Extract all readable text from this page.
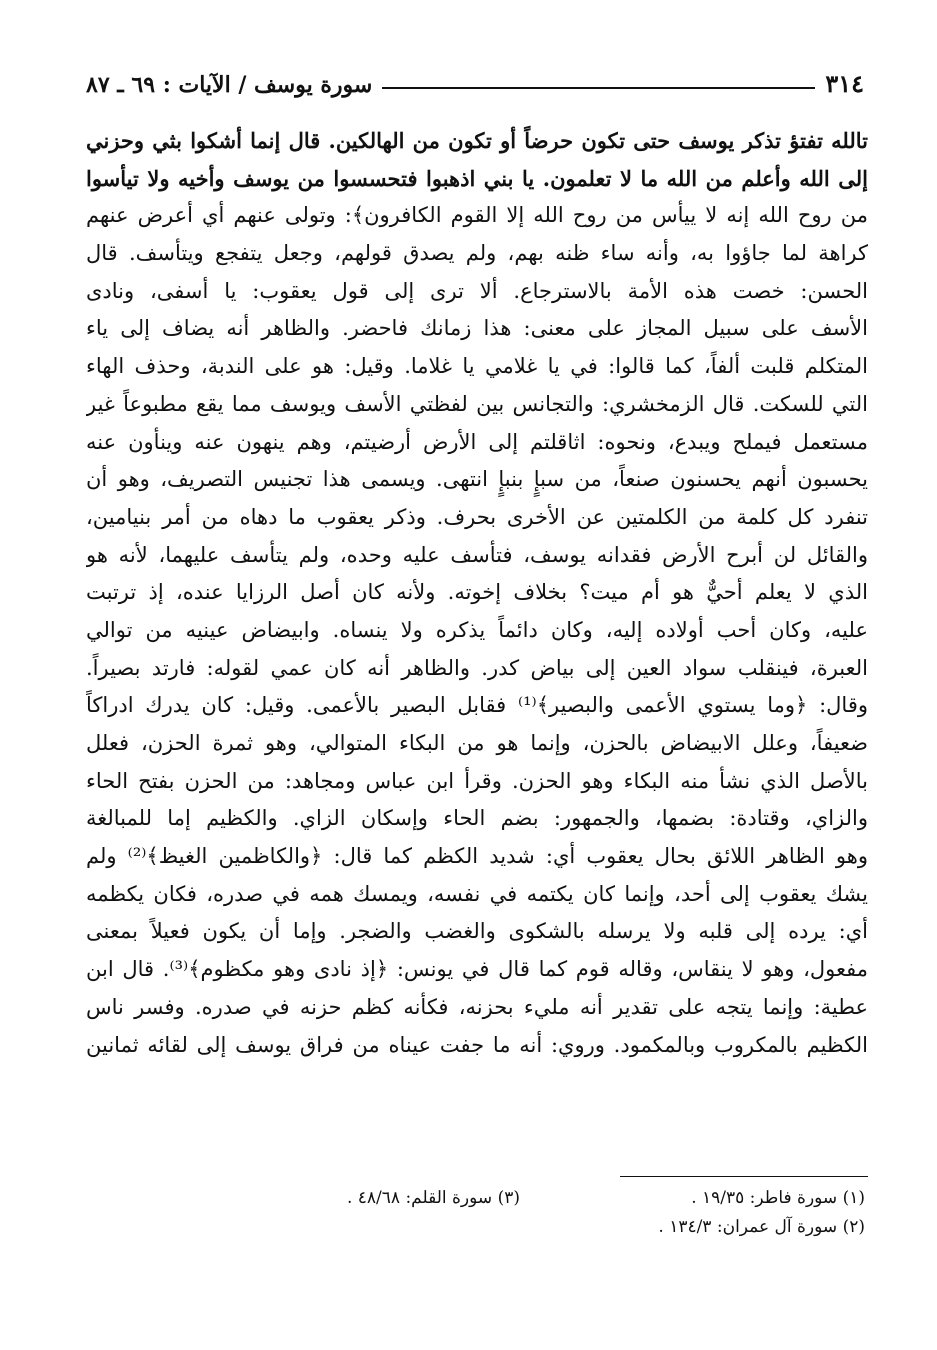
٣١٤
سورة يوسف / الآيات : ٦٩ ـ ٨٧
تالله تفتؤ تذكر يوسف حتى تكون حرضاً أو تكون من الهالكين. قال إنما أشكوا بثي وحزني
إلى الله وأعلم من الله ما لا تعلمون. يا بني اذهبوا فتحسسوا من يوسف وأخيه ولا تيأسوا
من روح الله إنه لا ييأس من روح الله إلا القوم الكافرون﴾: وتولى عنهم أي أعرض عنهم
كراهة لما جاؤوا به، وأنه ساء ظنه بهم، ولم يصدق قولهم، وجعل يتفجع ويتأسف. قال
الحسن: خصت هذه الأمة بالاسترجاع. ألا ترى إلى قول يعقوب: يا أسفى، ونادى
الأسف على سبيل المجاز على معنى: هذا زمانك فاحضر. والظاهر أنه يضاف إلى ياء
المتكلم قلبت ألفاً، كما قالوا: في يا غلامي يا غلاما. وقيل: هو على الندبة، وحذف الهاء
التي للسكت. قال الزمخشري: والتجانس بين لفظتي الأسف ويوسف مما يقع مطبوعاً غير
مستعمل فيملح ويبدع، ونحوه: اثاقلتم إلى الأرض أرضيتم، وهم ينهون عنه وينأون عنه
يحسبون أنهم يحسنون صنعاً، من سبإٍ بنبإٍ انتهى. ويسمى هذا تجنيس التصريف، وهو أن
تنفرد كل كلمة من الكلمتين عن الأخرى بحرف. وذكر يعقوب ما دهاه من أمر بنيامين،
والقائل لن أبرح الأرض فقدانه يوسف، فتأسف عليه وحده، ولم يتأسف عليهما، لأنه هو
الذي لا يعلم أحيٌّ هو أم ميت؟ بخلاف إخوته. ولأنه كان أصل الرزايا عنده، إذ ترتبت
عليه، وكان أحب أولاده إليه، وكان دائماً يذكره ولا ينساه. وابيضاض عينيه من توالي
العبرة، فينقلب سواد العين إلى بياض كدر. والظاهر أنه كان عمي لقوله: فارتد بصيراً.
وقال: ﴿وما يستوي الأعمى والبصير﴾⁽¹⁾ فقابل البصير بالأعمى. وقيل: كان يدرك ادراكاً
ضعيفاً، وعلل الابيضاض بالحزن، وإنما هو من البكاء المتوالي، وهو ثمرة الحزن، فعلل
بالأصل الذي نشأ منه البكاء وهو الحزن. وقرأ ابن عباس ومجاهد: من الحزن بفتح الحاء
والزاي، وقتادة: بضمها، والجمهور: بضم الحاء وإسكان الزاي. والكظيم إما للمبالغة
وهو الظاهر اللائق بحال يعقوب أي: شديد الكظم كما قال: ﴿والكاظمين الغيظ﴾⁽²⁾ ولم
يشك يعقوب إلى أحد، وإنما كان يكتمه في نفسه، ويمسك همه في صدره، فكان يكظمه
أي: يرده إلى قلبه ولا يرسله بالشكوى والغضب والضجر. وإما أن يكون فعيلاً بمعنى
مفعول، وهو لا ينقاس، وقاله قوم كما قال في يونس: ﴿إذ نادى وهو مكظوم﴾⁽³⁾. قال ابن
عطية: وإنما يتجه على تقدير أنه مليء بحزنه، فكأنه كظم حزنه في صدره. وفسر ناس
الكظيم بالمكروب وبالمكمود. وروي: أنه ما جفت عيناه من فراق يوسف إلى لقائه ثمانين
(١) سورة فاطر: ١٩/٣٥ .
(٢) سورة آل عمران: ١٣٤/٣ .
(٣) سورة القلم: ٤٨/٦٨ .
